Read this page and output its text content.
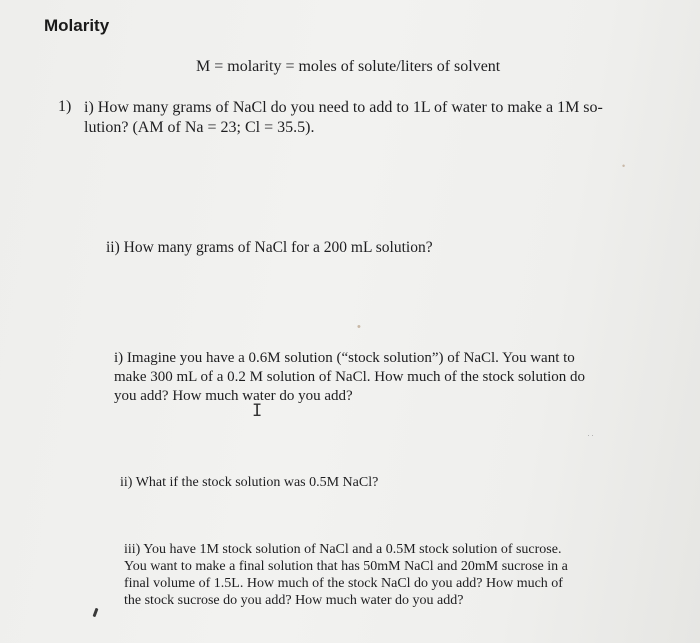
Molarity
M = molarity = moles of solute/liters of solvent
1) i) How many grams of NaCl do you need to add to 1L of water to make a 1M so-
lution? (AM of Na = 23; Cl = 35.5).
ii) How many grams of NaCl for a 200 mL solution?
i) Imagine you have a 0.6M solution (“stock solution”) of NaCl. You want to
make 300 mL of a 0.2 M solution of NaCl. How much of the stock solution do
you add? How much water do you add?
I
ii) What if the stock solution was 0.5M NaCl?
iii) You have 1M stock solution of NaCl and a 0.5M stock solution of sucrose.
You want to make a final solution that has 50mM NaCl and 20mM sucrose in a
final volume of 1.5L. How much of the stock NaCl do you add? How much of
the stock sucrose do you add? How much water do you add?
•
•
··
